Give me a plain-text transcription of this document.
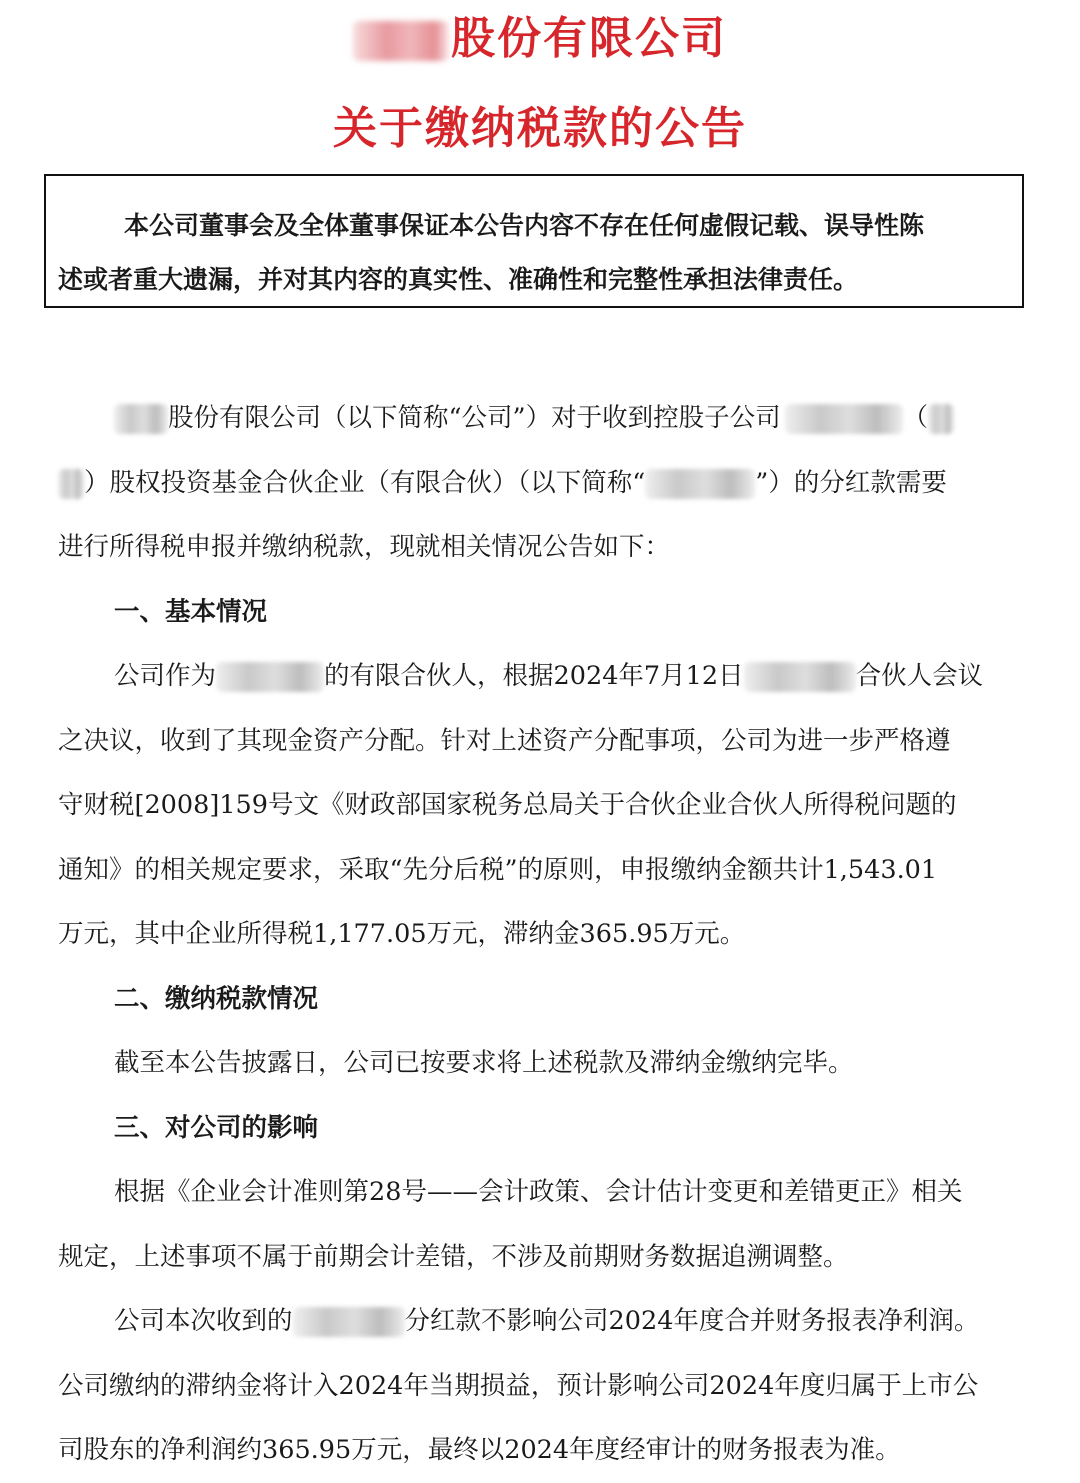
股份有限公司
关于缴纳税款的公告
本公司董事会及全体董事保证本公告内容不存在任何虚假记载、误导性陈
述或者重大遗漏，并对其内容的真实性、准确性和完整性承担法律责任。

股份有限公司（以下简称“公司”）对于收到控股子公司	（
）股权投资基金合伙企业（有限合伙）（以下简称“	”）的分红款需要
进行所得税申报并缴纳税款，现就相关情况公告如下：

一、基本情况

公司作为	的有限合伙人，根据2024年7月12日	合伙人会议
之决议，收到了其现金资产分配。针对上述资产分配事项，公司为进一步严格遵
守财税[2008]159号文《财政部国家税务总局关于合伙企业合伙人所得税问题的
通知》的相关规定要求，采取“先分后税”的原则，申报缴纳金额共计1,543.01
万元，其中企业所得税1,177.05万元，滞纳金365.95万元。

二、缴纳税款情况

截至本公告披露日，公司已按要求将上述税款及滞纳金缴纳完毕。

三、对公司的影响

根据《企业会计准则第28号——会计政策、会计估计变更和差错更正》相关
规定，上述事项不属于前期会计差错，不涉及前期财务数据追溯调整。

公司本次收到的	分红款不影响公司2024年度合并财务报表净利润。
公司缴纳的滞纳金将计入2024年当期损益，预计影响公司2024年度归属于上市公
司股东的净利润约365.95万元，最终以2024年度经审计的财务报表为准。
